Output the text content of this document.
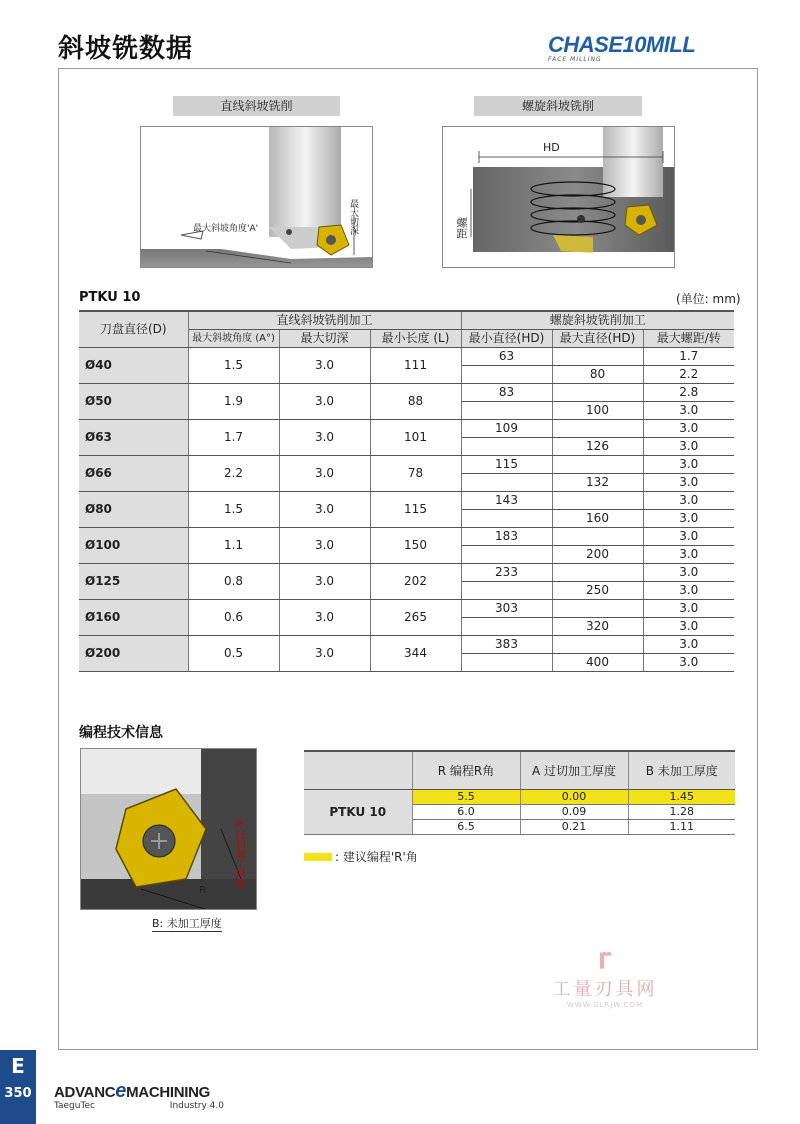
斜坡铣数据	CHASE10MILL
FACE MILLING
直线斜坡铣削
最大斜坡角度'A'	最大切深
螺旋斜坡铣削
HD
螺距
PTKU 10	(单位: mm)
刀盘直径(D)	直线斜坡铣削加工			螺旋斜坡铣削加工		
	最大斜坡角度 (A°)	最大切深	最小长度 (L)	最小直径(HD)	最大直径(HD)	最大螺距/转
Ø40	1.5	3.0	111	63		1.7
					80	2.2
Ø50	1.9	3.0	88	83		2.8
					100	3.0
Ø63	1.7	3.0	101	109		3.0
					126	3.0
Ø66	2.2	3.0	78	115		3.0
					132	3.0
Ø80	1.5	3.0	115	143		3.0
					160	3.0
Ø100	1.1	3.0	150	183		3.0
					200	3.0
Ø125	0.8	3.0	202	233		3.0
					250	3.0
Ø160	0.6	3.0	265	303		3.0
					320	3.0
Ø200	0.5	3.0	344	383		3.0
					400	3.0
编程技术信息
A:过切加工厚度
R
B: 未加工厚度
	R 编程R角	A 过切加工厚度	B 未加工厚度
PTKU 10	5.5	0.00	1.45
	6.0	0.09	1.28
	6.5	0.21	1.11
: 建议编程'R'角
Γ̈
工量刃具网
WWW.GLRJW.COM
E
350 ADVANCeMACHINING
TaeguTec	Industry 4.0
